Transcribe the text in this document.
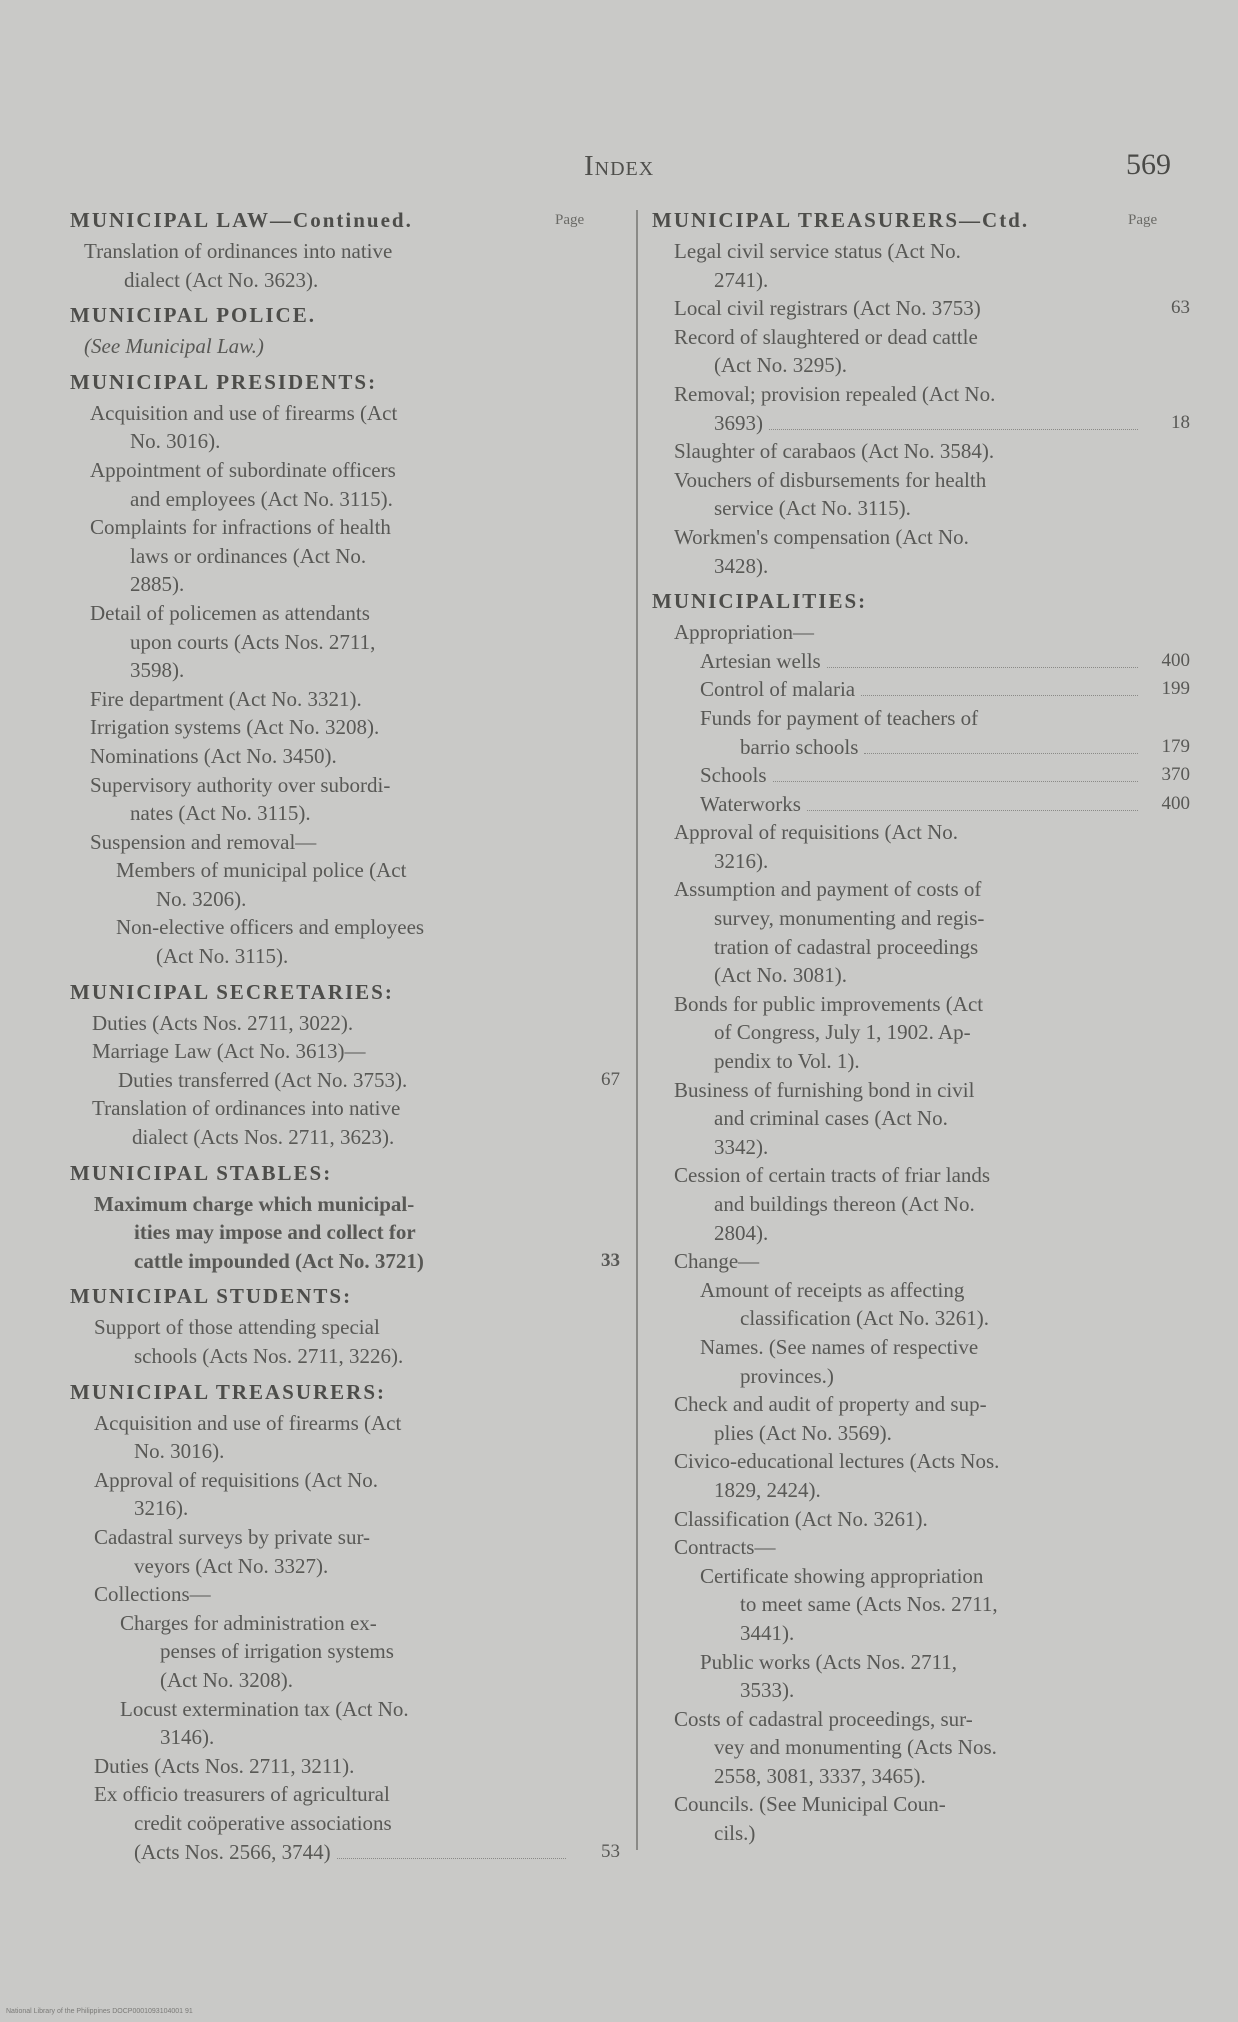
Index	569
Page	Page
MUNICIPAL LAW—Continued.
Translation of ordinances into native
dialect (Act No. 3623).
MUNICIPAL POLICE.
(See Municipal Law.)
MUNICIPAL PRESIDENTS:
Acquisition and use of firearms (Act
No. 3016).
Appointment of subordinate officers
and employees (Act No. 3115).
Complaints for infractions of health
laws or ordinances (Act No.
2885).
Detail of policemen as attendants
upon courts (Acts Nos. 2711,
3598).
Fire department (Act No. 3321).
Irrigation systems (Act No. 3208).
Nominations (Act No. 3450).
Supervisory authority over subordi-
nates (Act No. 3115).
Suspension and removal—
Members of municipal police (Act
No. 3206).
Non-elective officers and employees
(Act No. 3115).
MUNICIPAL SECRETARIES:
Duties (Acts Nos. 2711, 3022).
Marriage Law (Act No. 3613)—
Duties transferred (Act No. 3753).	67
Translation of ordinances into native
dialect (Acts Nos. 2711, 3623).
MUNICIPAL STABLES:
Maximum charge which municipal-
ities may impose and collect for
cattle impounded (Act No. 3721)	33
MUNICIPAL STUDENTS:
Support of those attending special
schools (Acts Nos. 2711, 3226).
MUNICIPAL TREASURERS:
Acquisition and use of firearms (Act
No. 3016).
Approval of requisitions (Act No.
3216).
Cadastral surveys by private sur-
veyors (Act No. 3327).
Collections—
Charges for administration ex-
penses of irrigation systems
(Act No. 3208).
Locust extermination tax (Act No.
3146).
Duties (Acts Nos. 2711, 3211).
Ex officio treasurers of agricultural
credit coöperative associations
(Acts Nos. 2566, 3744)	53
MUNICIPAL TREASURERS—Ctd.
Legal civil service status (Act No.
2741).
Local civil registrars (Act No. 3753)	63
Record of slaughtered or dead cattle
(Act No. 3295).
Removal; provision repealed (Act No.
3693)	18
Slaughter of carabaos (Act No. 3584).
Vouchers of disbursements for health
service (Act No. 3115).
Workmen's compensation (Act No.
3428).
MUNICIPALITIES:
Appropriation—
Artesian wells	400
Control of malaria	199
Funds for payment of teachers of
barrio schools	179
Schools	370
Waterworks	400
Approval of requisitions (Act No.
3216).
Assumption and payment of costs of
survey, monumenting and regis-
tration of cadastral proceedings
(Act No. 3081).
Bonds for public improvements (Act
of Congress, July 1, 1902. Ap-
pendix to Vol. 1).
Business of furnishing bond in civil
and criminal cases (Act No.
3342).
Cession of certain tracts of friar lands
and buildings thereon (Act No.
2804).
Change—
Amount of receipts as affecting
classification (Act No. 3261).
Names. (See names of respective
provinces.)
Check and audit of property and sup-
plies (Act No. 3569).
Civico-educational lectures (Acts Nos.
1829, 2424).
Classification (Act No. 3261).
Contracts—
Certificate showing appropriation
to meet same (Acts Nos. 2711,
3441).
Public works (Acts Nos. 2711,
3533).
Costs of cadastral proceedings, sur-
vey and monumenting (Acts Nos.
2558, 3081, 3337, 3465).
Councils. (See Municipal Coun-
cils.)
National Library of the Philippines DOCP0001093104001 91
